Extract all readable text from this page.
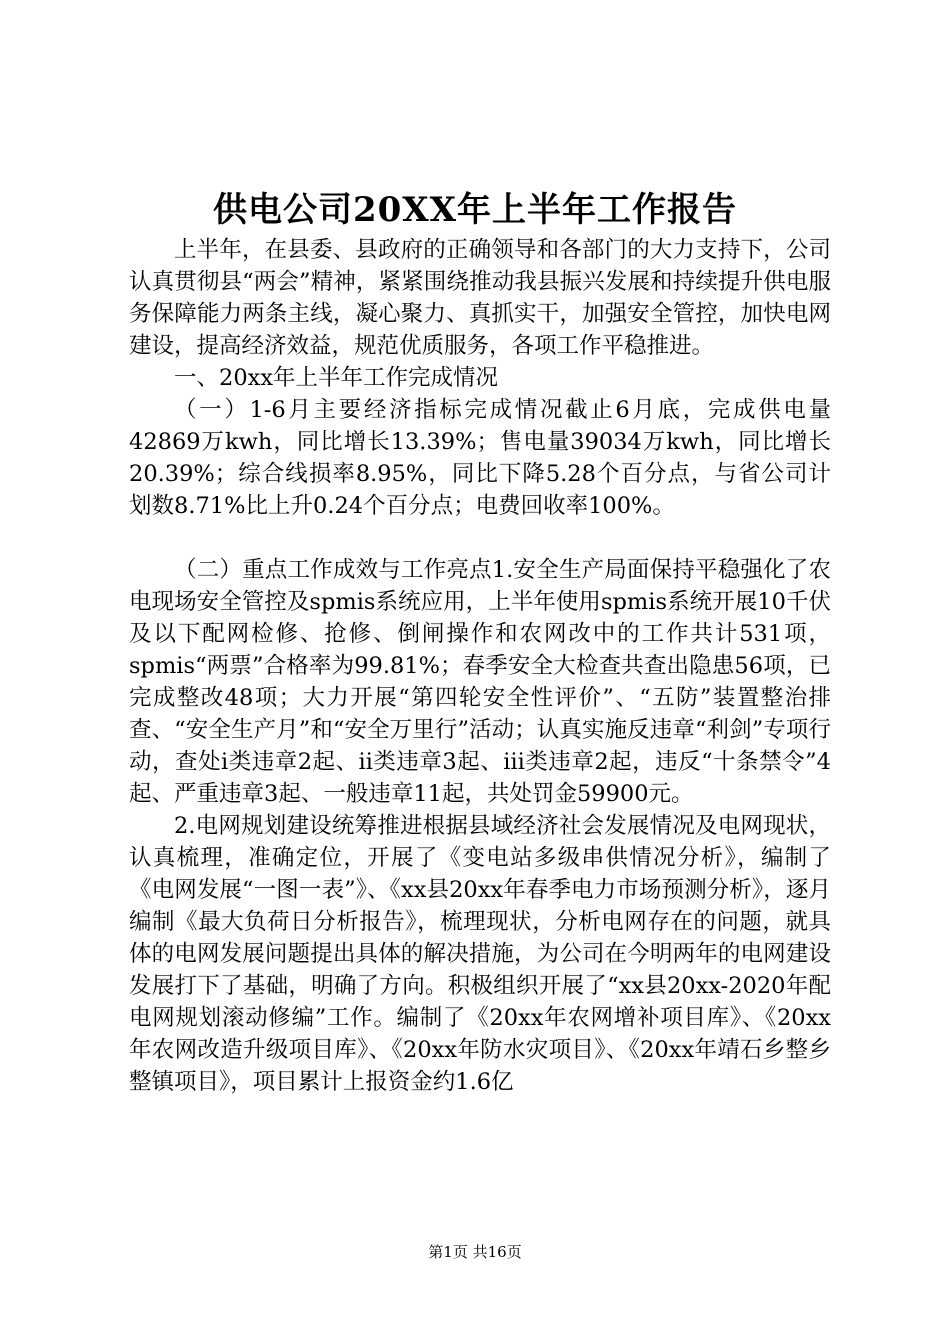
供电公司20XX年上半年工作报告

上半年，在县委、县政府的正确领导和各部门的大力支持下，公司认真贯彻县“两会”精神，紧紧围绕推动我县振兴发展和持续提升供电服务保障能力两条主线，凝心聚力、真抓实干，加强安全管控，加快电网建设，提高经济效益，规范优质服务，各项工作平稳推进。

一、20xx年上半年工作完成情况

（一）1-6月主要经济指标完成情况截止6月底，完成供电量42869万kwh，同比增长13.39%；售电量39034万kwh，同比增长20.39%；综合线损率8.95%，同比下降5.28个百分点，与省公司计划数8.71%比上升0.24个百分点；电费回收率100%。

（二）重点工作成效与工作亮点1.安全生产局面保持平稳强化了农电现场安全管控及spmis系统应用，上半年使用spmis系统开展10千伏及以下配网检修、抢修、倒闸操作和农网改中的工作共计531项，spmis“两票”合格率为99.81%；春季安全大检查共查出隐患56项，已完成整改48项；大力开展“第四轮安全性评价”、“五防”装置整治排查、“安全生产月”和“安全万里行”活动；认真实施反违章“利剑”专项行动，查处ⅰ类违章2起、ⅱ类违章3起、ⅲ类违章2起，违反“十条禁令”4起、严重违章3起、一般违章11起，共处罚金59900元。

2.电网规划建设统筹推进根据县域经济社会发展情况及电网现状，认真梳理，准确定位，开展了《变电站多级串供情况分析》，编制了《电网发展“一图一表”》、《xx县20xx年春季电力市场预测分析》，逐月编制《最大负荷日分析报告》，梳理现状，分析电网存在的问题，就具体的电网发展问题提出具体的解决措施，为公司在今明两年的电网建设发展打下了基础，明确了方向。积极组织开展了“xx县20xx-2020年配电网规划滚动修编”工作。编制了《20xx年农网增补项目库》、《20xx年农网改造升级项目库》、《20xx年防水灾项目》、《20xx年靖石乡整乡整镇项目》，项目累计上报资金约1.6亿

第1页 共16页
